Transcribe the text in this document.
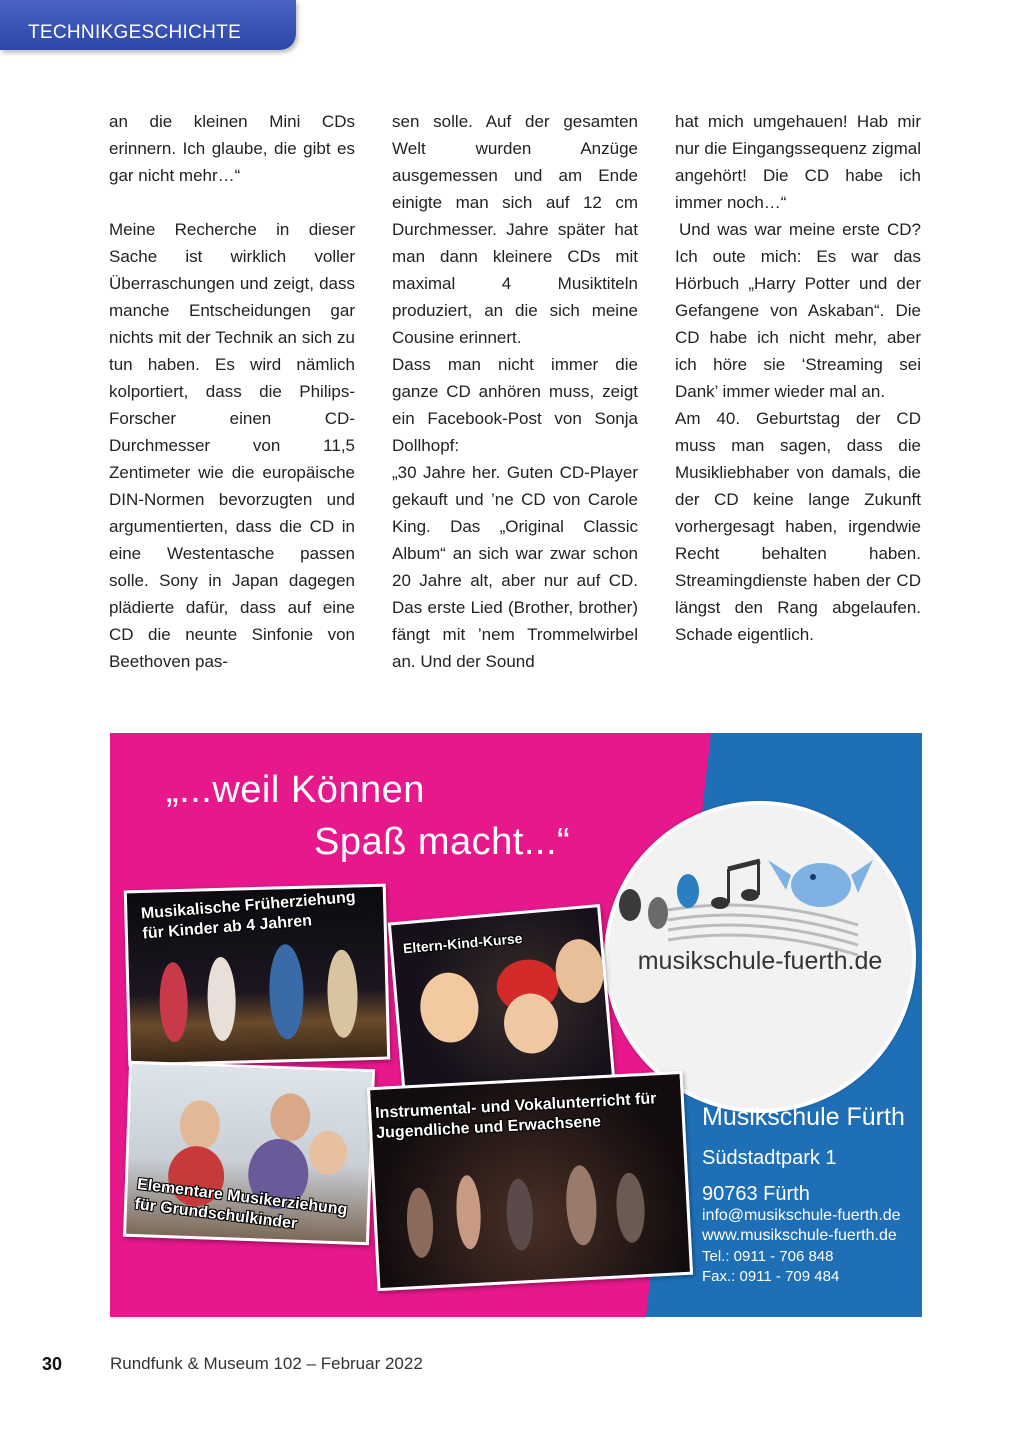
TECHNIKGESCHICHTE

an die kleinen Mini CDs erinnern. Ich glaube, die gibt es gar nicht mehr…“

Meine Recherche in dieser Sache ist wirklich voller Überraschungen und zeigt, dass manche Entscheidungen gar nichts mit der Technik an sich zu tun haben. Es wird nämlich kolportiert, dass die Philips-Forscher einen CD-Durchmesser von 11,5 Zentimeter wie die europäische DIN-Normen bevorzugten und argumentierten, dass die CD in eine Westentasche passen solle. Sony in Japan dagegen plädierte dafür, dass auf eine CD die neunte Sinfonie von Beethoven pas-

sen solle. Auf der gesamten Welt wurden Anzüge ausgemessen und am Ende einigte man sich auf 12 cm Durchmesser. Jahre später hat man dann kleinere CDs mit maximal 4 Musiktiteln produziert, an die sich meine Cousine erinnert.

Dass man nicht immer die ganze CD anhören muss, zeigt ein Facebook-Post von Sonja Dollhopf:

„30 Jahre her. Guten CD-Player gekauft und ’ne CD von Carole King. Das „Original Classic Album“ an sich war zwar schon 20 Jahre alt, aber nur auf CD. Das erste Lied (Brother, brother) fängt mit ’nem Trommelwirbel an. Und der Sound

hat mich umgehauen! Hab mir nur die Eingangssequenz zigmal angehört! Die CD habe ich immer noch…“

Und was war meine erste CD? Ich oute mich: Es war das Hörbuch „Harry Potter und der Gefangene von Askaban“. Die CD habe ich nicht mehr, aber ich höre sie ‘Streaming sei Dank’ immer wieder mal an.

Am 40. Geburtstag der CD muss man sagen, dass die Musikliebhaber von damals, die der CD keine lange Zukunft vorhergesagt haben, irgendwie Recht behalten haben. Streamingdienste haben der CD längst den Rang abgelaufen. Schade eigentlich.

„...weil Können
Spaß macht...“
musikschule-fuerth.de
Musikalische Früherziehung
für Kinder ab 4 Jahren
Eltern-Kind-Kurse
Elementare Musikerziehung
für Grundschulkinder
Instrumental- und Vokalunterricht für
Jugendliche und Erwachsene	Musikschule Fürth
Südstadtpark 1
90763 Fürth
info@musikschule-fuerth.de
www.musikschule-fuerth.de
Tel.: 0911 - 706 848
Fax.: 0911 - 709 484
30	Rundfunk & Museum 102 – Februar 2022
